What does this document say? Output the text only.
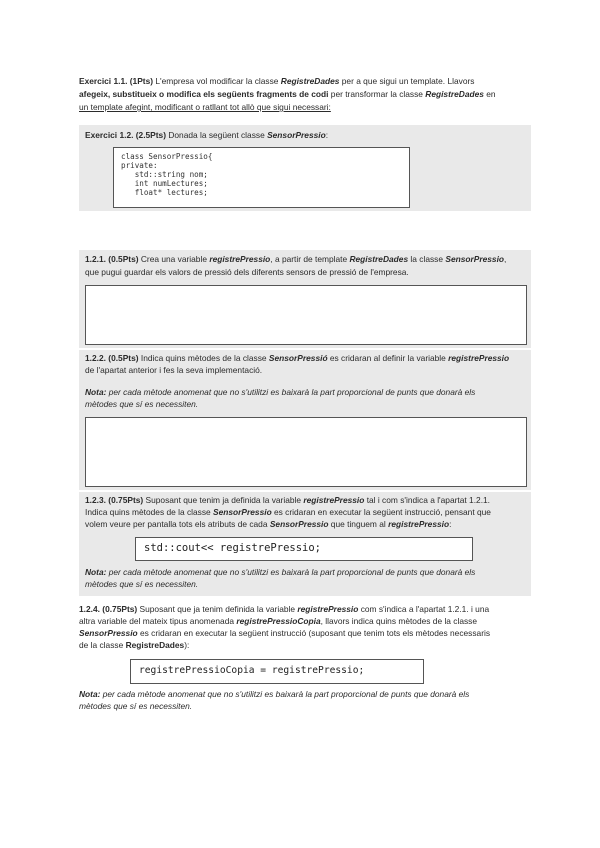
Exercici 1.1. (1Pts) L'empresa vol modificar la classe RegistreDades per a que sigui un template. Llavors

afegeix, substitueix o modifica els següents fragments de codi per transformar la classe RegistreDades en

un template afegint, modificant o ratllant tot allò que sigui necessari:

Exercici 1.2. (2.5Pts) Donada la següent classe SensorPressio:

class SensorPressio{
private:
std::string nom;
int numLectures;
float* lectures;

1.2.1. (0.5Pts) Crea una variable registrePressio, a partir de template RegistreDades la classe SensorPressio,

que pugui guardar els valors de pressió dels diferents sensors de pressió de l'empresa.

1.2.2. (0.5Pts) Indica quins mètodes de la classe SensorPressió es cridaran al definir la variable registrePressio

de l'apartat anterior i fes la seva implementació.

Nota: per cada mètode anomenat que no s'utilitzi es baixarà la part proporcional de punts que donarà els

mètodes que sí es necessiten.

1.2.3. (0.75Pts) Suposant que tenim ja definida la variable registrePressio tal i com s'indica a l'apartat 1.2.1.

Indica quins mètodes de la classe SensorPressio es cridaran en executar la següent instrucció, pensant que

volem veure per pantalla tots els atributs de cada SensorPressio que tinguem al registrePressio:

std::cout<< registrePressio;

Nota: per cada mètode anomenat que no s'utilitzi es baixarà la part proporcional de punts que donarà els

mètodes que sí es necessiten.

1.2.4. (0.75Pts) Suposant que ja tenim definida la variable registrePressio com s'indica a l'apartat 1.2.1. i una

altra variable del mateix tipus anomenada registrePressioCopia, llavors indica quins mètodes de la classe

SensorPressio es cridaran en executar la següent instrucció (suposant que tenim tots els mètodes necessaris

de la classe RegistreDades):

registrePressioCopia = registrePressio;

Nota: per cada mètode anomenat que no s'utilitzi es baixarà la part proporcional de punts que donarà els

mètodes que sí es necessiten.
